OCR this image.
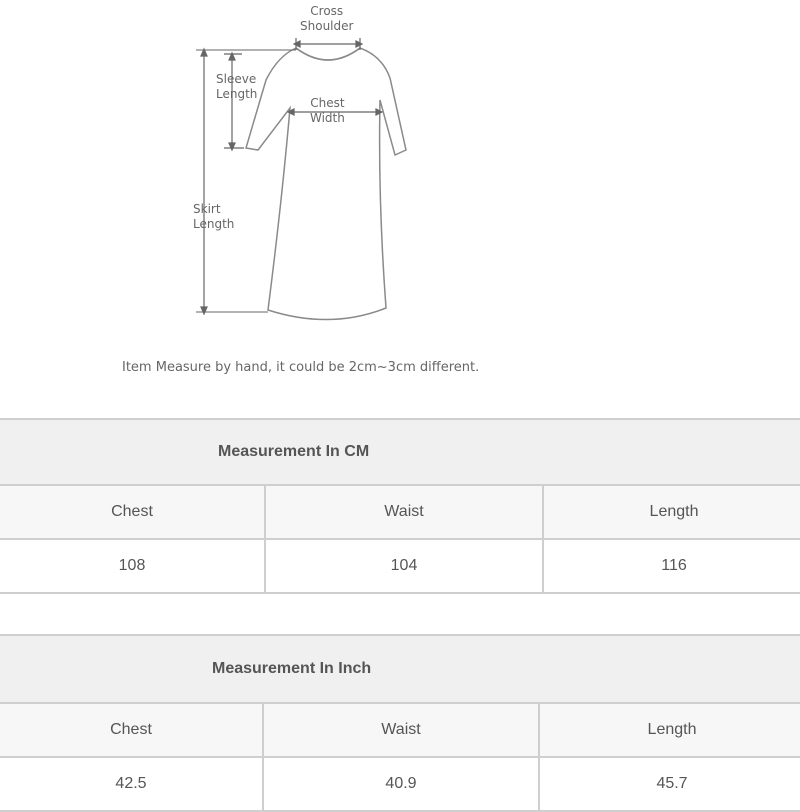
Cross
Shoulder
Sleeve
Length
Chest
Width
Skirt
Length
Item Measure by hand, it could be 2cm~3cm different.
Measurement In CM		
Chest	Waist	Length
108	104	116
Measurement In Inch		
Chest	Waist	Length
42.5	40.9	45.7
